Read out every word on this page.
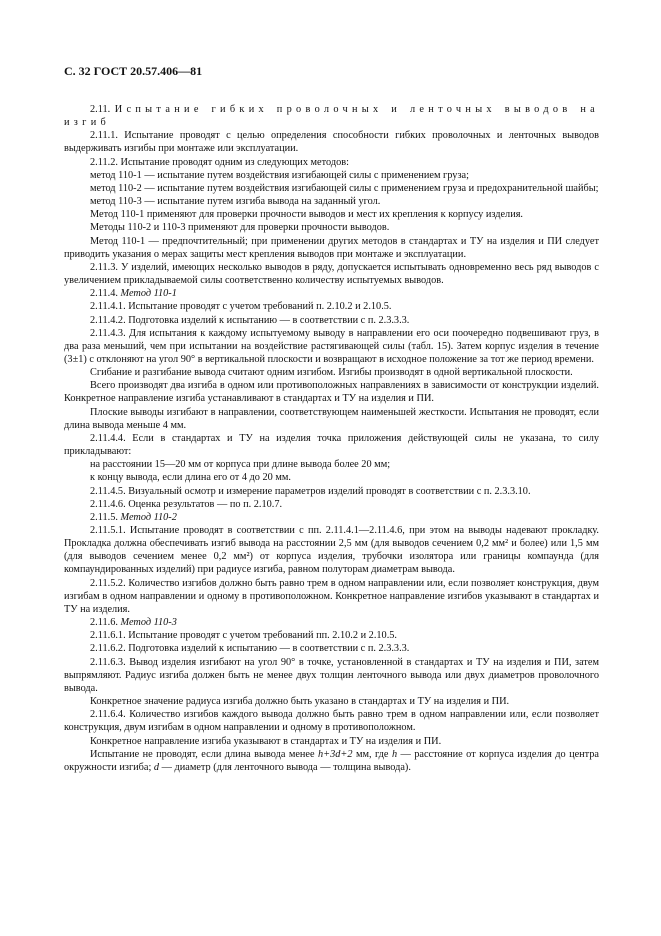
С. 32 ГОСТ 20.57.406—81

2.11. Испытание гибких проволочных и ленточных выводов на изгиб

2.11.1. Испытание проводят с целью определения способности гибких проволочных и ленточных выводов выдерживать изгибы при монтаже или эксплуатации.

2.11.2. Испытание проводят одним из следующих методов:

метод 110-1 — испытание путем воздействия изгибающей силы с применением груза;

метод 110-2 — испытание путем воздействия изгибающей силы с применением груза и предохранительной шайбы;

метод 110-3 — испытание путем изгиба вывода на заданный угол.

Метод 110-1 применяют для проверки прочности выводов и мест их крепления к корпусу изделия.

Методы 110-2 и 110-3 применяют для проверки прочности выводов.

Метод 110-1 — предпочтительный; при применении других методов в стандартах и ТУ на изделия и ПИ следует приводить указания о мерах защиты мест крепления выводов при монтаже и эксплуатации.

2.11.3. У изделий, имеющих несколько выводов в ряду, допускается испытывать одновременно весь ряд выводов с увеличением прикладываемой силы соответственно количеству испытуемых выводов.

2.11.4. Метод 110-1

2.11.4.1. Испытание проводят с учетом требований п. 2.10.2 и 2.10.5.

2.11.4.2. Подготовка изделий к испытанию — в соответствии с п. 2.3.3.3.

2.11.4.3. Для испытания к каждому испытуемому выводу в направлении его оси поочередно подвешивают груз, в два раза меньший, чем при испытании на воздействие растягивающей силы (табл. 15). Затем корпус изделия в течение (3±1) с отклоняют на угол 90° в вертикальной плоскости и возвращают в исходное положение за тот же период времени.

Сгибание и разгибание вывода считают одним изгибом. Изгибы производят в одной вертикальной плоскости.

Всего производят два изгиба в одном или противоположных направлениях в зависимости от конструкции изделий. Конкретное направление изгиба устанавливают в стандартах и ТУ на изделия и ПИ.

Плоские выводы изгибают в направлении, соответствующем наименьшей жесткости. Испытания не проводят, если длина вывода меньше 4 мм.

2.11.4.4. Если в стандартах и ТУ на изделия точка приложения действующей силы не указана, то силу прикладывают:

на расстоянии 15—20 мм от корпуса при длине вывода более 20 мм;

к концу вывода, если длина его от 4 до 20 мм.

2.11.4.5. Визуальный осмотр и измерение параметров изделий проводят в соответствии с п. 2.3.3.10.

2.11.4.6. Оценка результатов — по п. 2.10.7.

2.11.5. Метод 110-2

2.11.5.1. Испытание проводят в соответствии с пп. 2.11.4.1—2.11.4.6, при этом на выводы надевают прокладку. Прокладка должна обеспечивать изгиб вывода на расстоянии 2,5 мм (для выводов сечением 0,2 мм² и более) или 1,5 мм (для выводов сечением менее 0,2 мм²) от корпуса изделия, трубочки изолятора или границы компаунда (для компаундированных изделий) при радиусе изгиба, равном полуторам диаметрам вывода.

2.11.5.2. Количество изгибов должно быть равно трем в одном направлении или, если позволяет конструкция, двум изгибам в одном направлении и одному в противоположном. Конкретное направление изгибов указывают в стандартах и ТУ на изделия.

2.11.6. Метод 110-3

2.11.6.1. Испытание проводят с учетом требований пп. 2.10.2 и 2.10.5.

2.11.6.2. Подготовка изделий к испытанию — в соответствии с п. 2.3.3.3.

2.11.6.3. Вывод изделия изгибают на угол 90° в точке, установленной в стандартах и ТУ на изделия и ПИ, затем выпрямляют. Радиус изгиба должен быть не менее двух толщин ленточного вывода или двух диаметров проволочного вывода.

Конкретное значение радиуса изгиба должно быть указано в стандартах и ТУ на изделия и ПИ.

2.11.6.4. Количество изгибов каждого вывода должно быть равно трем в одном направлении или, если позволяет конструкция, двум изгибам в одном направлении и одному в противоположном.

Конкретное направление изгиба указывают в стандартах и ТУ на изделия и ПИ.

Испытание не проводят, если длина вывода менее h+3d+2 мм, где h — расстояние от корпуса изделия до центра окружности изгиба; d — диаметр (для ленточного вывода — толщина вывода).
